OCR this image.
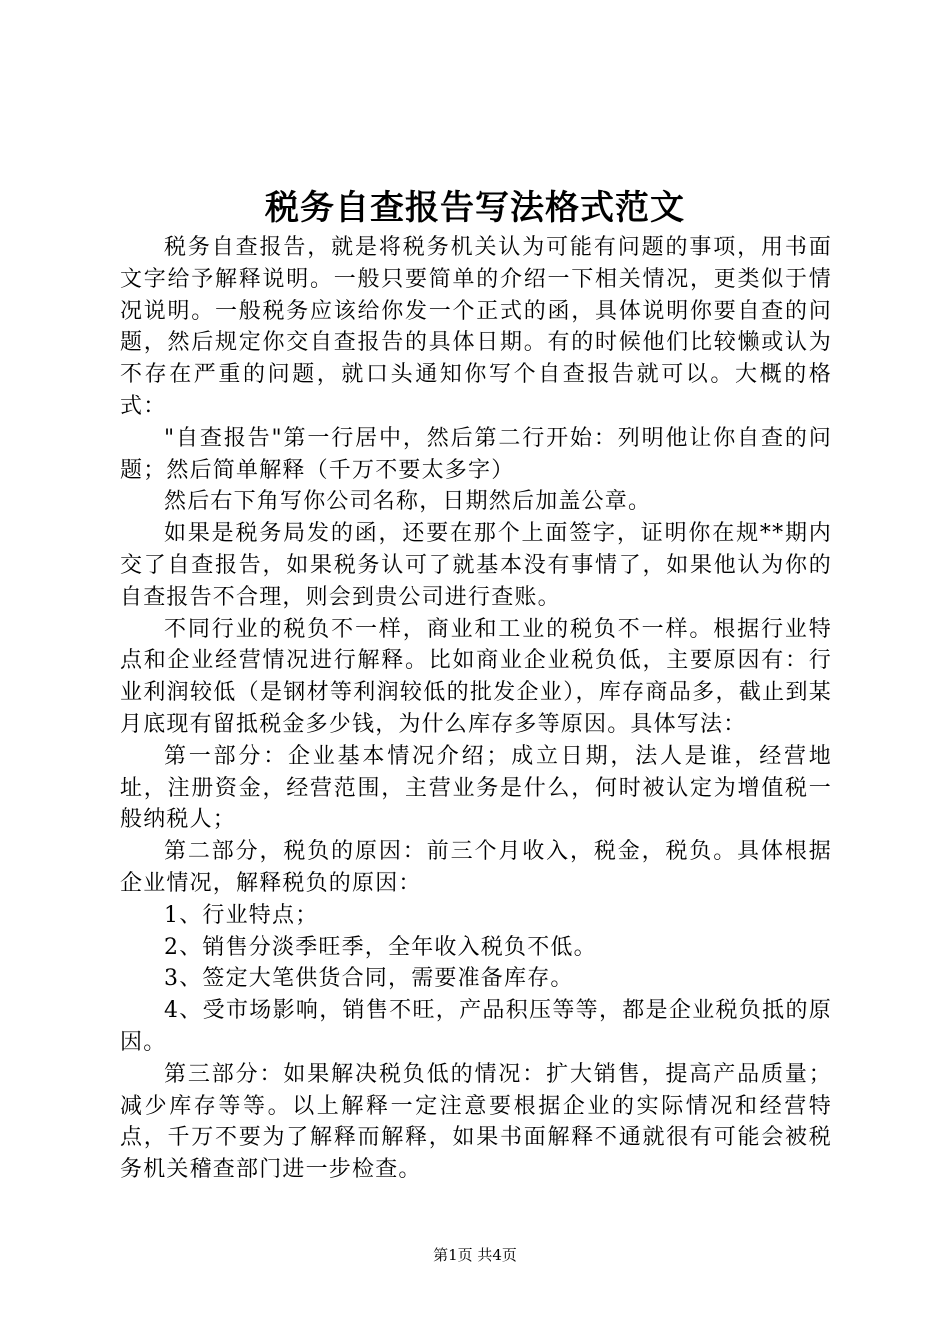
税务自查报告写法格式范文

税务自查报告，就是将税务机关认为可能有问题的事项，用书面文字给予解释说明。一般只要简单的介绍一下相关情况，更类似于情况说明。一般税务应该给你发一个正式的函，具体说明你要自查的问题，然后规定你交自查报告的具体日期。有的时候他们比较懒或认为不存在严重的问题，就口头通知你写个自查报告就可以。大概的格式：

"自查报告"第一行居中，然后第二行开始：列明他让你自查的问题；然后简单解释（千万不要太多字）

然后右下角写你公司名称，日期然后加盖公章。

如果是税务局发的函，还要在那个上面签字，证明你在规**期内交了自查报告，如果税务认可了就基本没有事情了，如果他认为你的自查报告不合理，则会到贵公司进行查账。

不同行业的税负不一样，商业和工业的税负不一样。根据行业特点和企业经营情况进行解释。比如商业企业税负低，主要原因有：行业利润较低（是钢材等利润较低的批发企业），库存商品多，截止到某月底现有留抵税金多少钱，为什么库存多等原因。具体写法：

第一部分：企业基本情况介绍；成立日期，法人是谁，经营地址，注册资金，经营范围，主营业务是什么，何时被认定为增值税一般纳税人；

第二部分，税负的原因：前三个月收入，税金，税负。具体根据企业情况，解释税负的原因：

1、行业特点；

2、销售分淡季旺季，全年收入税负不低。

3、签定大笔供货合同，需要准备库存。

4、受市场影响，销售不旺，产品积压等等，都是企业税负抵的原因。

第三部分：如果解决税负低的情况：扩大销售，提高产品质量；减少库存等等。以上解释一定注意要根据企业的实际情况和经营特点，千万不要为了解释而解释，如果书面解释不通就很有可能会被税务机关稽查部门进一步检查。

第1页 共4页
